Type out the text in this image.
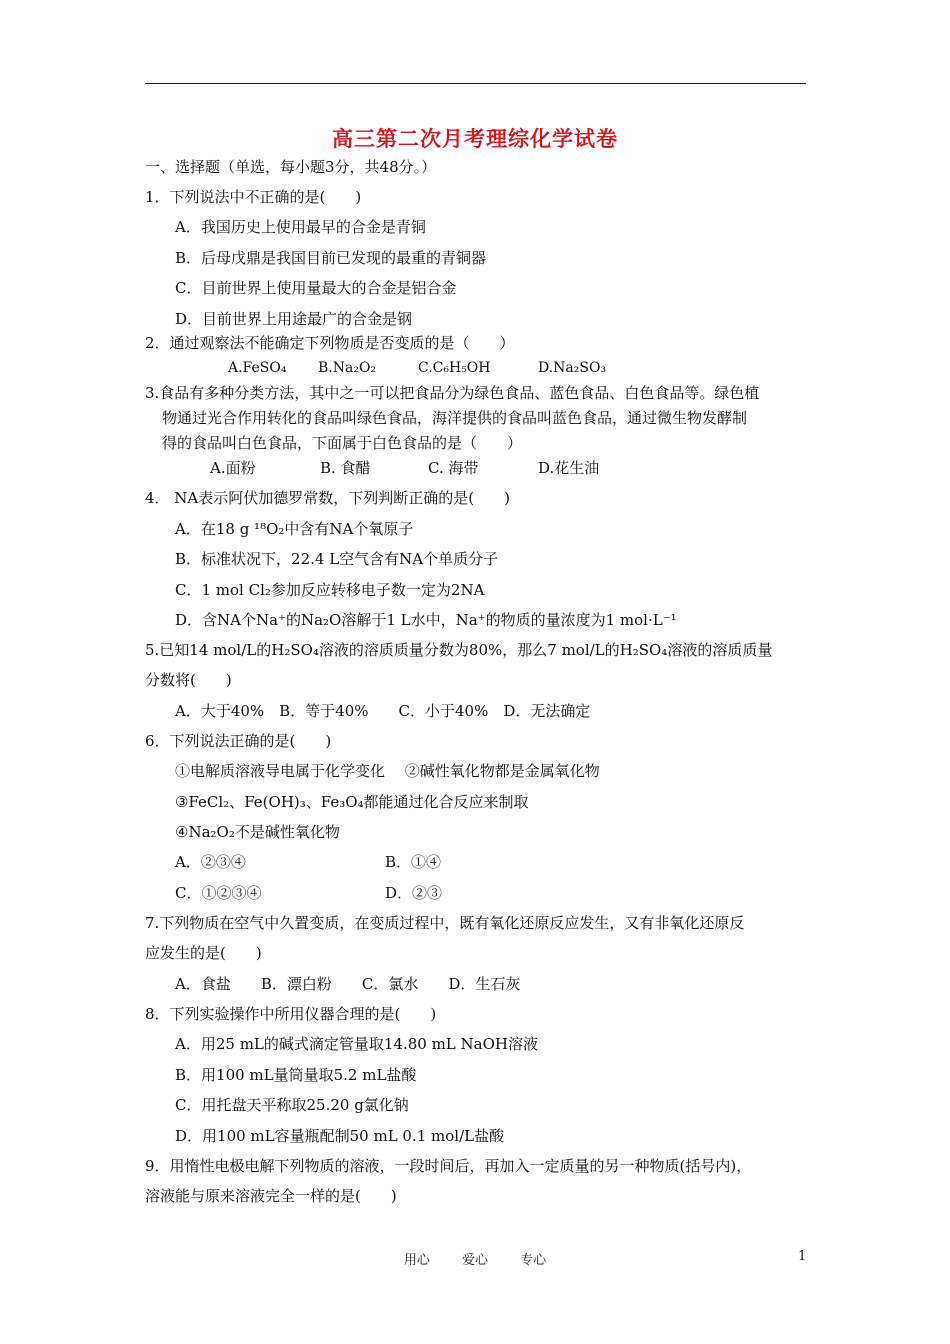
高三第二次月考理综化学试卷
一、选择题（单选，每小题3分，共48分。）
1．下列说法中不正确的是(　　)
A．我国历史上使用最早的合金是青铜
B．后母戊鼎是我国目前已发现的最重的青铜器
C．目前世界上使用量最大的合金是铝合金
D．目前世界上用途最广的合金是钢
2．通过观察法不能确定下列物质是否变质的是（　　）
A.FeSO₄ B.Na₂O₂	C.C₆H₅OH	D.Na₂SO₃
3.食品有多种分类方法，其中之一可以把食品分为绿色食品、蓝色食品、白色食品等。绿色植
物通过光合作用转化的食品叫绿色食品，海洋提供的食品叫蓝色食品，通过微生物发酵制
得的食品叫白色食品，下面属于白色食品的是（　　）
A.面粉	B. 食醋	C. 海带	D.花生油
4． NA表示阿伏加德罗常数，下列判断正确的是(　　)
A．在18 g ¹⁸O₂中含有NA个氧原子
B．标准状况下，22.4 L空气含有NA个单质分子
C．1 mol Cl₂参加反应转移电子数一定为2NA
D．含NA个Na⁺的Na₂O溶解于1 L水中，Na⁺的物质的量浓度为1 mol·L⁻¹
5.已知14 mol/L的H₂SO₄溶液的溶质质量分数为80%，那么7 mol/L的H₂SO₄溶液的溶质质量
分数将(　　)
A．大于40%　B．等于40%　　C．小于40%　D．无法确定
6．下列说法正确的是(　　)
①电解质溶液导电属于化学变化　 ②碱性氧化物都是金属氧化物
③FeCl₂、Fe(OH)₃、Fe₃O₄都能通过化合反应来制取
④Na₂O₂不是碱性氧化物
A．②③④	B．①④
C．①②③④	D．②③
7.下列物质在空气中久置变质，在变质过程中，既有氧化还原反应发生，又有非氧化还原反
应发生的是(　　)
A．食盐　　B．漂白粉　　C．氯水　　D．生石灰
8．下列实验操作中所用仪器合理的是(　　)
A．用25 mL的碱式滴定管量取14.80 mL NaOH溶液
B．用100 mL量筒量取5.2 mL盐酸
C．用托盘天平称取25.20 g氯化钠
D．用100 mL容量瓶配制50 mL 0.1 mol/L盐酸
9．用惰性电极电解下列物质的溶液，一段时间后，再加入一定质量的另一种物质(括号内)，
溶液能与原来溶液完全一样的是(　　)
用心 爱心 专心	1
